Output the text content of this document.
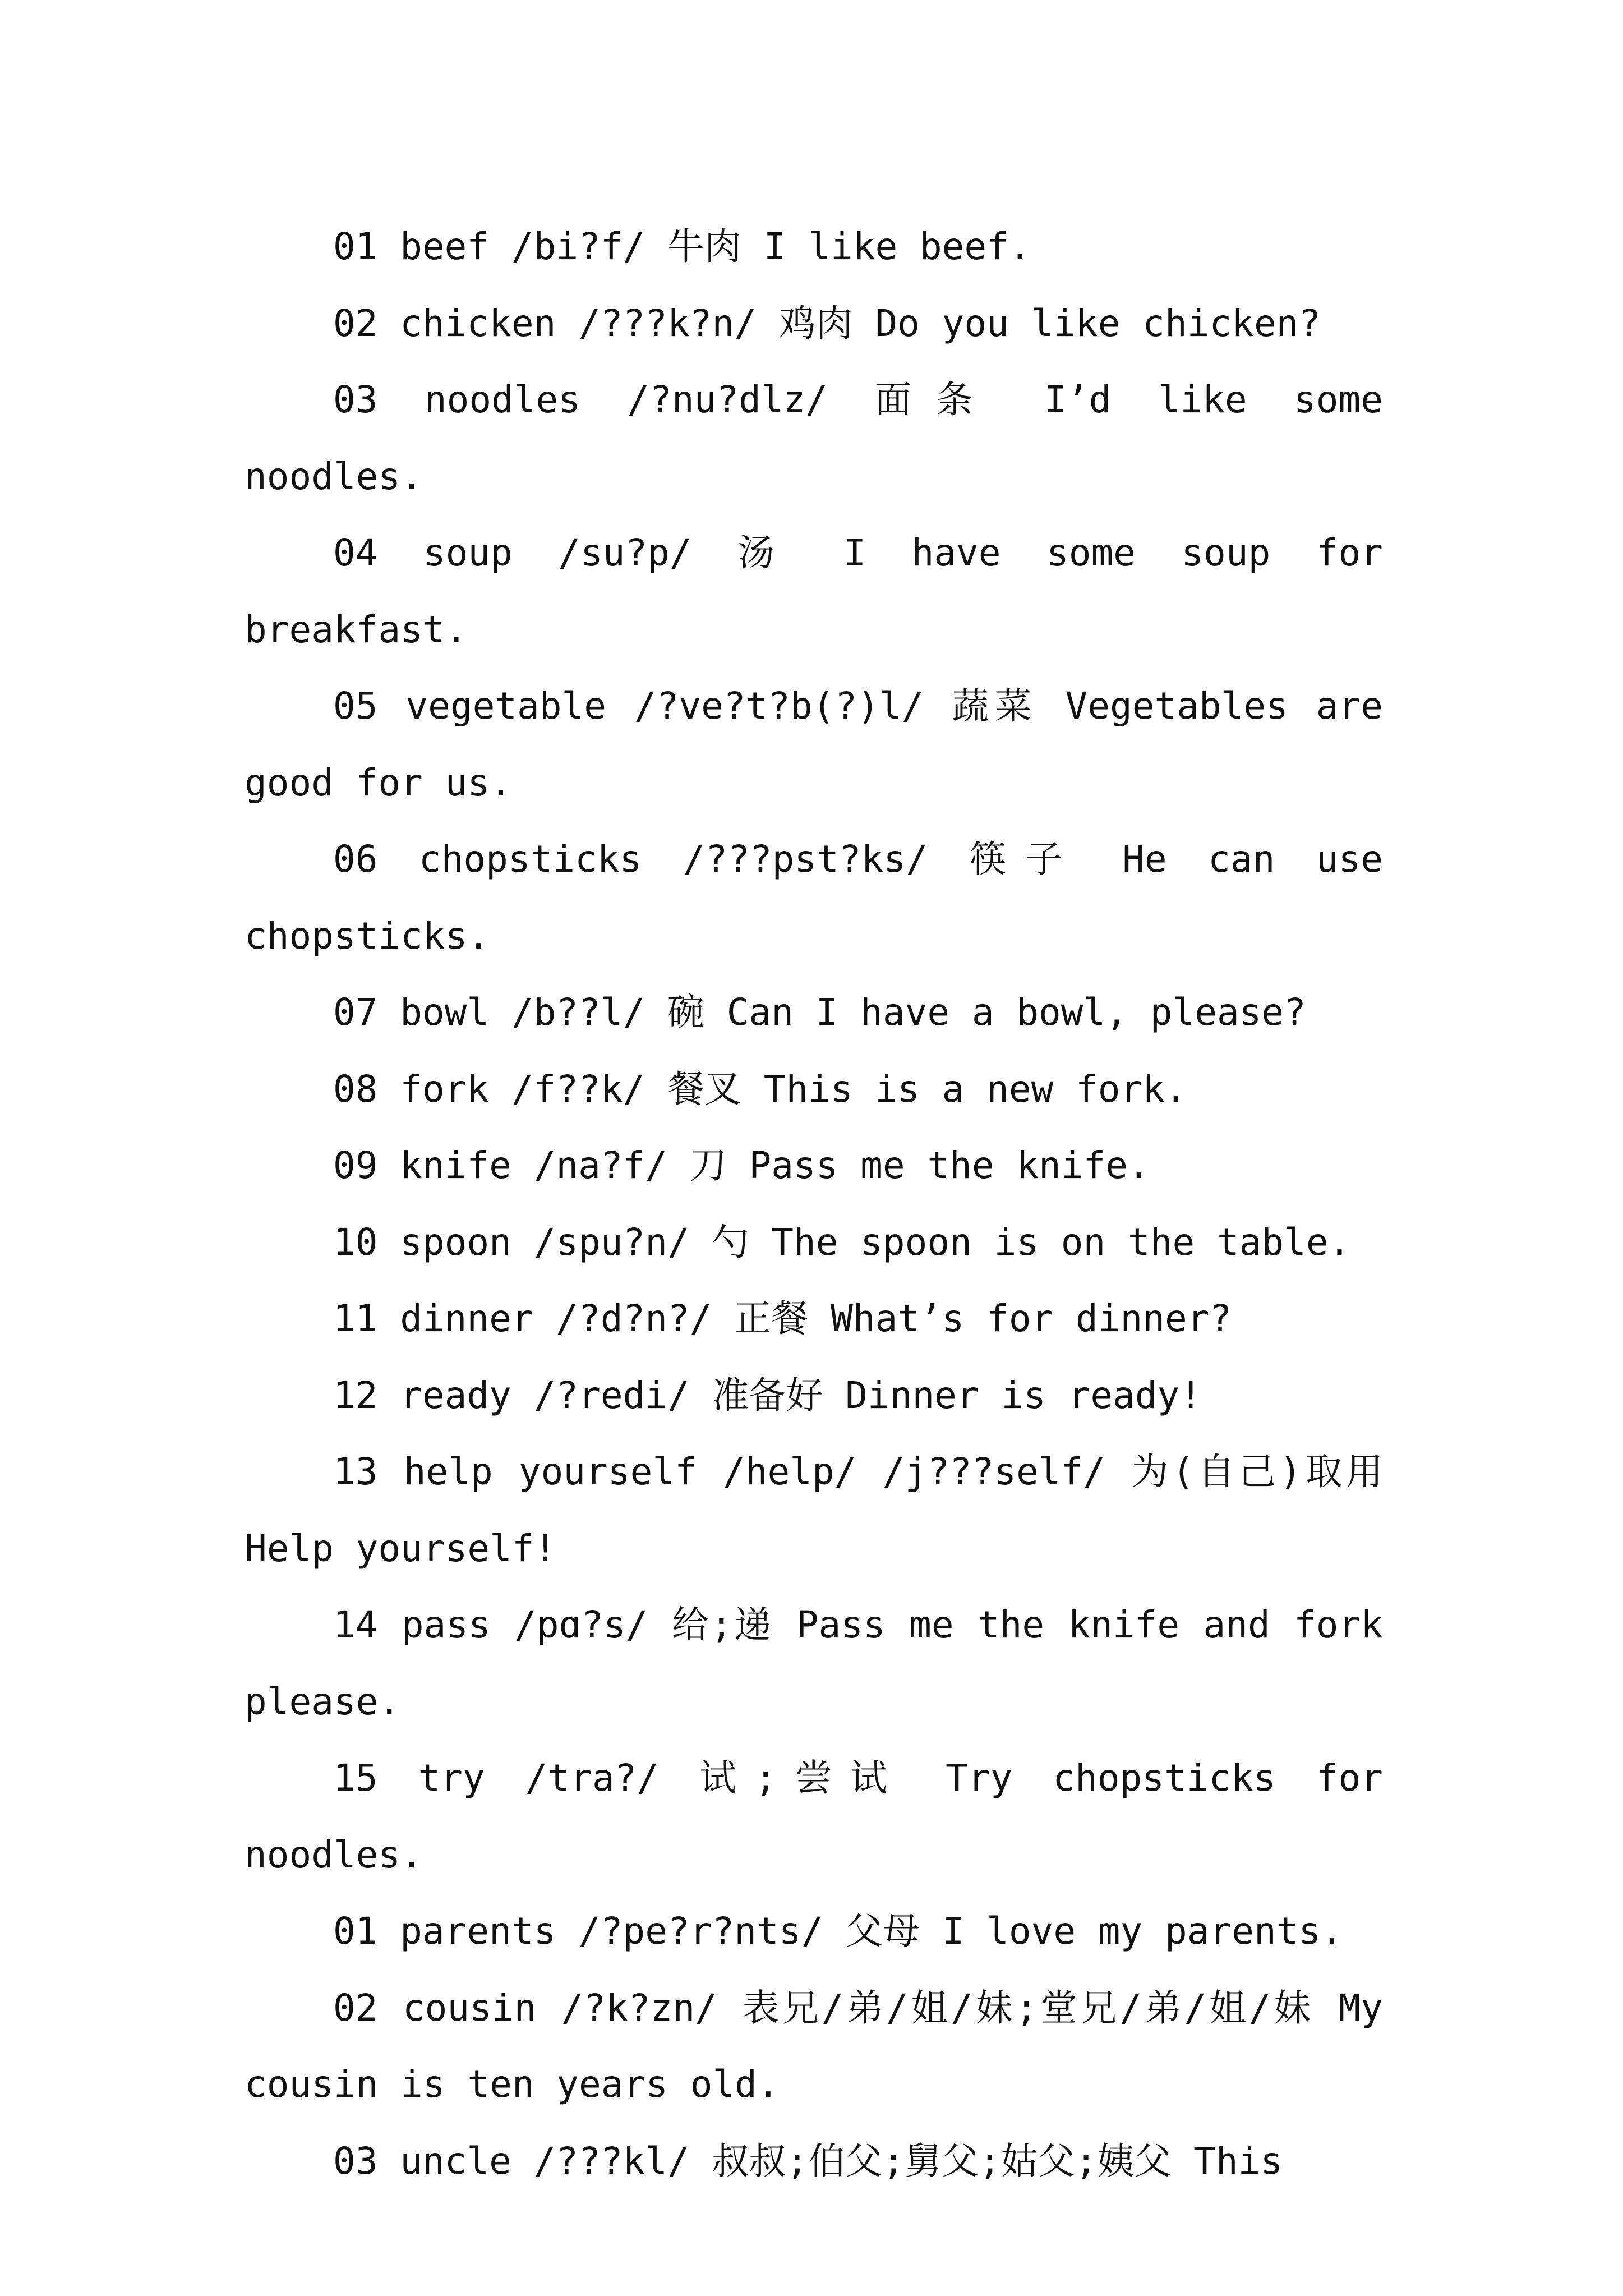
01 beef /bi?f/ 牛肉 I like beef.

02 chicken /???k?n/ 鸡肉 Do you like chicken?

03 noodles /?nu?dlz/ 面条 I’d like some noodles.

04 soup /su?p/ 汤 I have some soup for breakfast.

05 vegetable /?ve?t?b(?)l/ 蔬菜 Vegetables are good for us.

06 chopsticks /???pst?ks/ 筷子 He can use chopsticks.

07 bowl /b??l/ 碗 Can I have a bowl, please?

08 fork /f??k/ 餐叉 This is a new fork.

09 knife /na?f/ 刀 Pass me the knife.

10 spoon /spu?n/ 勺 The spoon is on the table.

11 dinner /?d?n?/ 正餐 What’s for dinner?

12 ready /?redi/ 准备好 Dinner is ready!

13 help yourself /help/ /j???self/ 为(自己)取用 Help yourself!

14 pass /pɑ?s/ 给;递 Pass me the knife and fork please.

15 try /tra?/ 试;尝试 Try chopsticks for noodles.

01 parents /?pe?r?nts/ 父母 I love my parents.

02 cousin /?k?zn/ 表兄/弟/姐/妹;堂兄/弟/姐/妹 My cousin is ten years old.

03 uncle /???kl/ 叔叔;伯父;舅父;姑父;姨父 This
